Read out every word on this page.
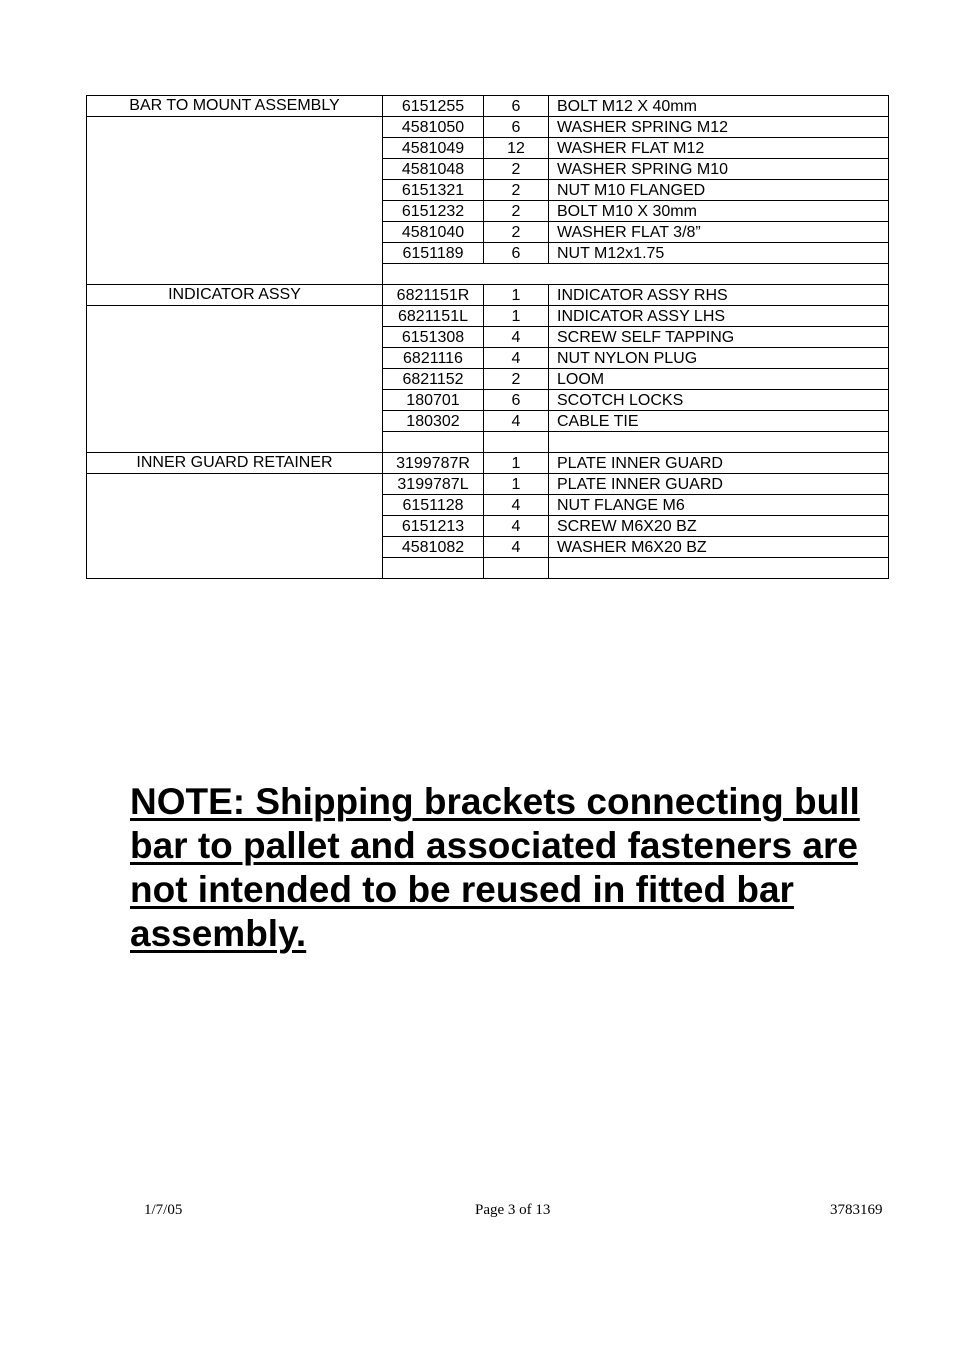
BAR TO MOUNT ASSEMBLY	6151255	6	BOLT M12 X 40mm
	4581050	6	WASHER SPRING M12
	4581049	12	WASHER FLAT M12
	4581048	2	WASHER SPRING M10
	6151321	2	NUT M10 FLANGED
	6151232	2	BOLT M10 X 30mm
	4581040	2	WASHER FLAT 3/8”
	6151189	6	NUT M12x1.75

INDICATOR ASSY	6821151R	1	INDICATOR ASSY RHS
	6821151L	1	INDICATOR ASSY LHS
	6151308	4	SCREW SELF TAPPING
	6821116	4	NUT NYLON PLUG
	6821152	2	LOOM
	180701	6	SCOTCH LOCKS
	180302	4	CABLE TIE

INNER GUARD RETAINER	3199787R	1	PLATE INNER GUARD
	3199787L	1	PLATE INNER GUARD
	6151128	4	NUT FLANGE M6
	6151213	4	SCREW M6X20 BZ
	4581082	4	WASHER M6X20 BZ

NOTE: Shipping brackets connecting bull bar to pallet and associated fasteners are not intended to be reused in fitted bar assembly.
1/7/05	Page 3 of 13	3783169
